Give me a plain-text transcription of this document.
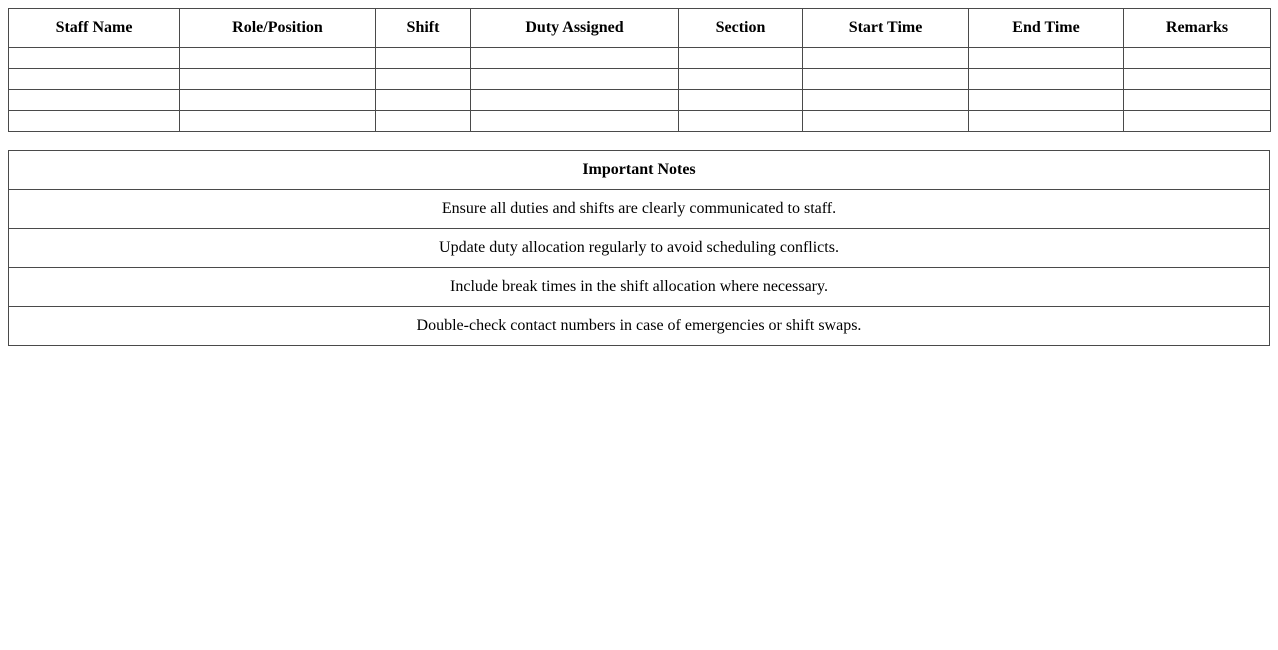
Staff Name	Role/Position	Shift	Duty Assigned	Section	Start Time	End Time	Remarks

Important Notes
Ensure all duties and shifts are clearly communicated to staff.
Update duty allocation regularly to avoid scheduling conflicts.
Include break times in the shift allocation where necessary.
Double-check contact numbers in case of emergencies or shift swaps.
